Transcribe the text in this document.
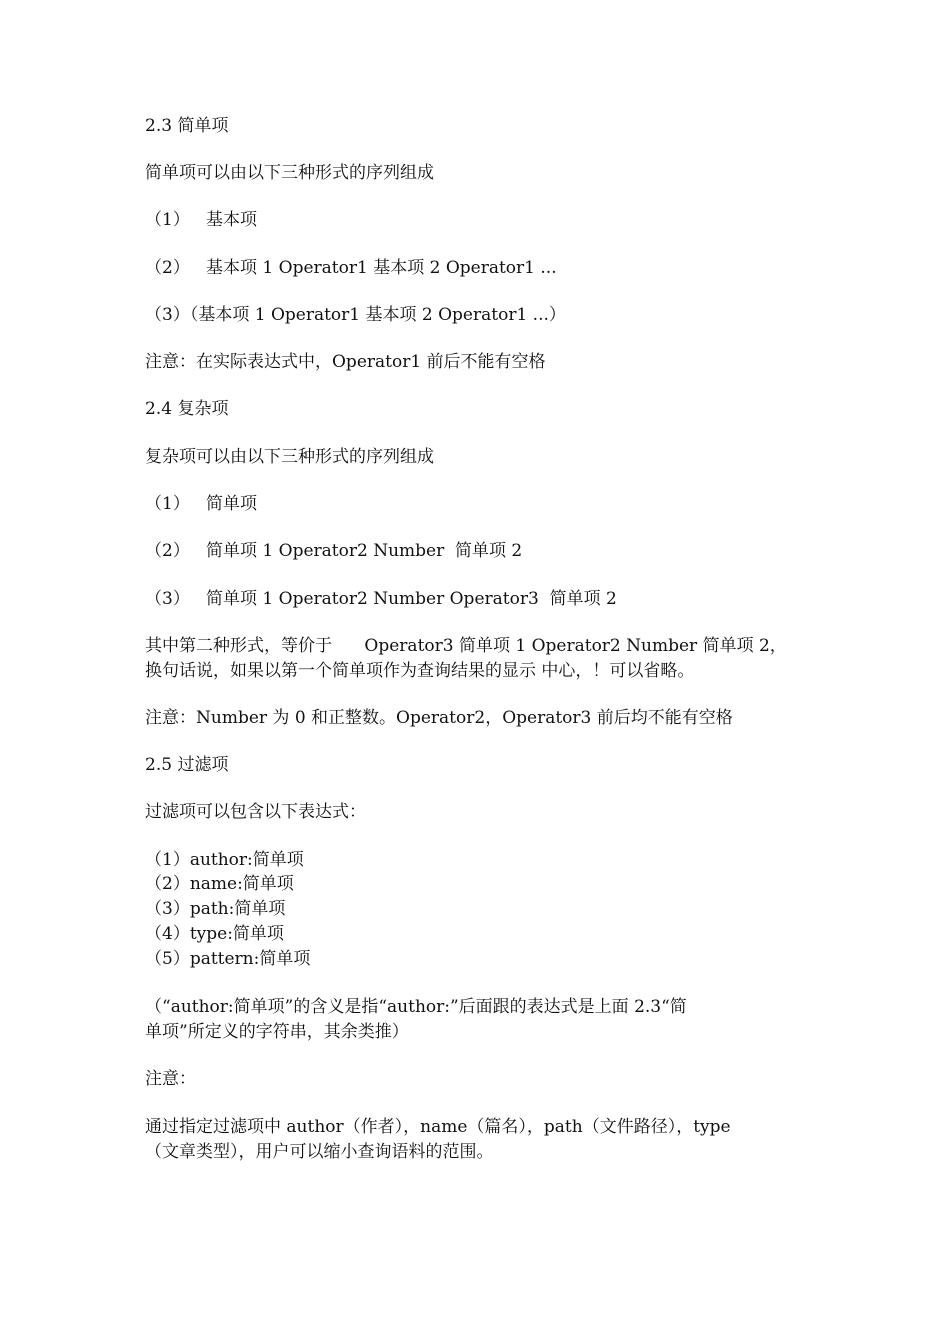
2.3 简单项
简单项可以由以下三种形式的序列组成
（1）   基本项
（2）   基本项 1 Operator1 基本项 2 Operator1 ...
（3）（基本项 1 Operator1 基本项 2 Operator1 ...）
注意：在实际表达式中，Operator1 前后不能有空格
2.4 复杂项
复杂项可以由以下三种形式的序列组成
（1）   简单项
（2）   简单项 1 Operator2 Number  简单项 2
（3）   简单项 1 Operator2 Number Operator3  简单项 2
其中第二种形式，等价于      Operator3 简单项 1 Operator2 Number 简单项 2，
换句话说，如果以第一个简单项作为查询结果的显示 中心，！可以省略。
注意：Number 为 0 和正整数。Operator2，Operator3 前后均不能有空格
2.5 过滤项
过滤项可以包含以下表达式：
（1）author:简单项
（2）name:简单项
（3）path:简单项
（4）type:简单项
（5）pattern:简单项
（“author:简单项”的含义是指“author:”后面跟的表达式是上面 2.3“简
单项”所定义的字符串，其余类推）
注意：
通过指定过滤项中 author（作者），name（篇名），path（文件路径），type
（文章类型），用户可以缩小查询语料的范围。
